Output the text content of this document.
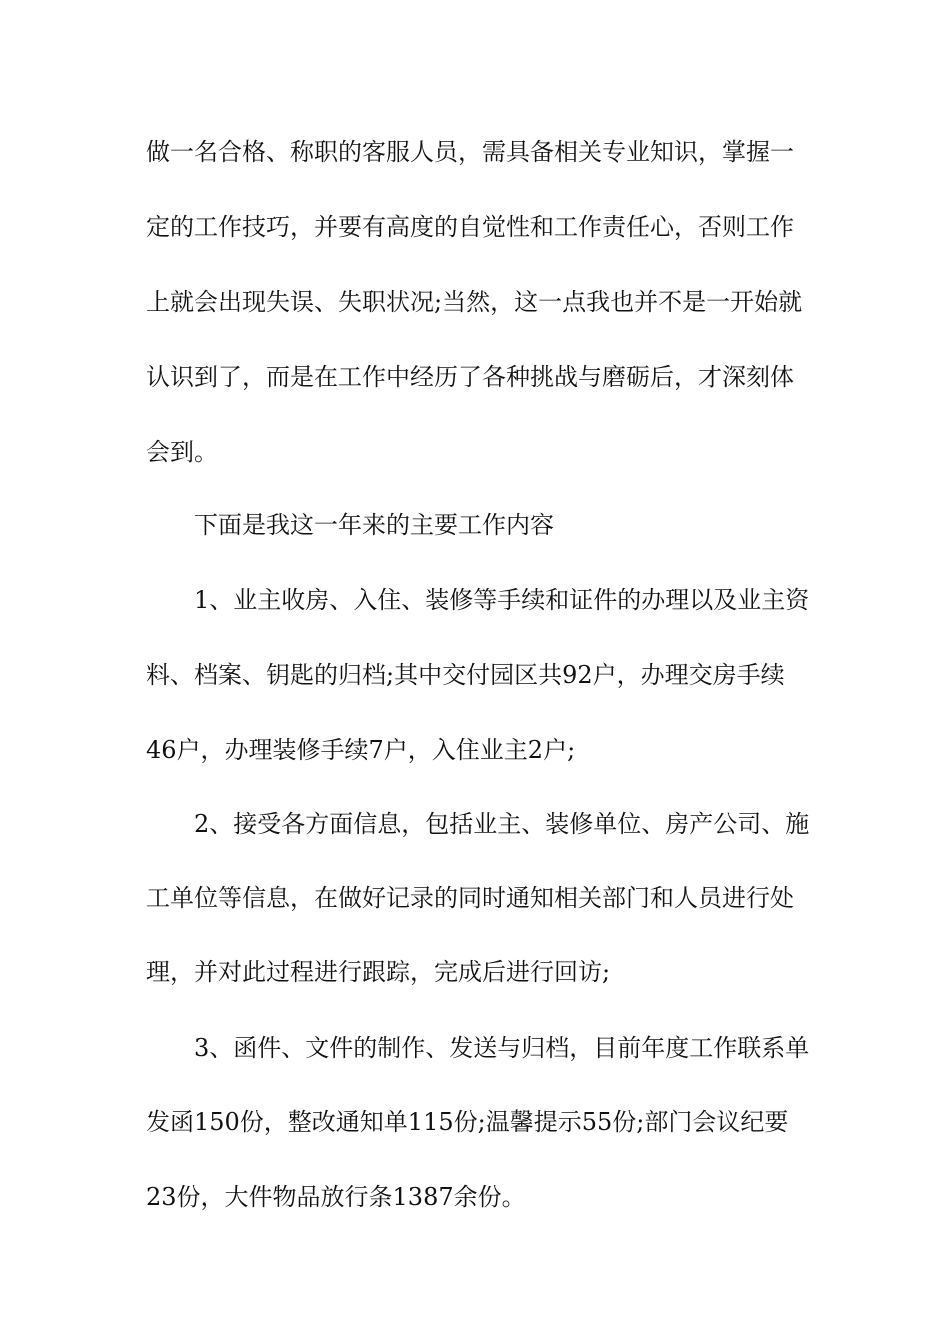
做一名合格、称职的客服人员，需具备相关专业知识，掌握一
定的工作技巧，并要有高度的自觉性和工作责任心，否则工作
上就会出现失误、失职状况;当然，这一点我也并不是一开始就
认识到了，而是在工作中经历了各种挑战与磨砺后，才深刻体
会到。
下面是我这一年来的主要工作内容
1、业主收房、入住、装修等手续和证件的办理以及业主资
料、档案、钥匙的归档;其中交付园区共92户，办理交房手续
46户，办理装修手续7户，入住业主2户;
2、接受各方面信息，包括业主、装修单位、房产公司、施
工单位等信息，在做好记录的同时通知相关部门和人员进行处
理，并对此过程进行跟踪，完成后进行回访;
3、函件、文件的制作、发送与归档，目前年度工作联系单
发函150份，整改通知单115份;温馨提示55份;部门会议纪要
23份，大件物品放行条1387余份。
